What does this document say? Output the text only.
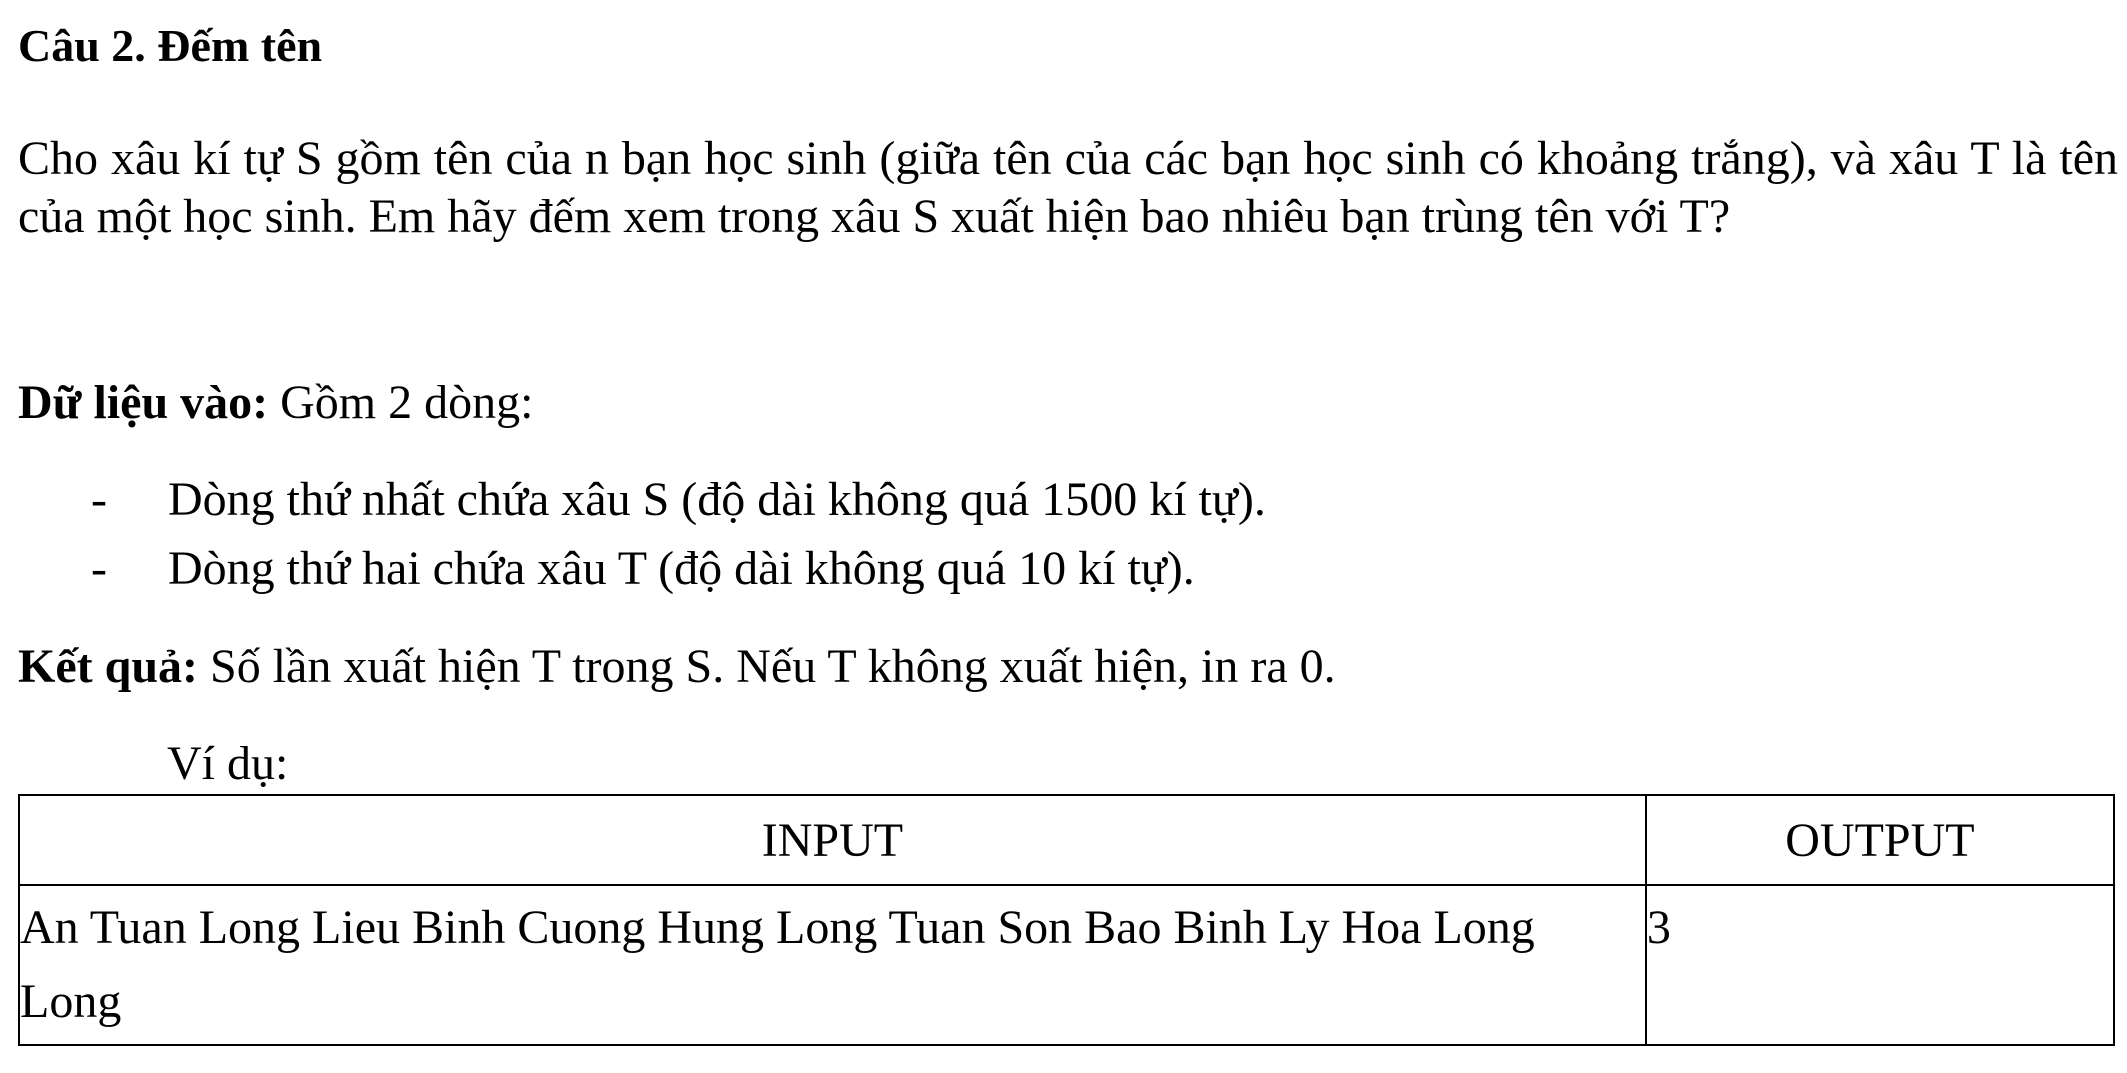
Câu 2. Đếm tên

Cho xâu kí tự S gồm tên của n bạn học sinh (giữa tên của các bạn học sinh có khoảng trắng), và xâu T là tên của một học sinh. Em hãy đếm xem trong xâu S xuất hiện bao nhiêu bạn trùng tên với T?

Dữ liệu vào: Gồm 2 dòng:

- Dòng thứ nhất chứa xâu S (độ dài không quá 1500 kí tự).
- Dòng thứ hai chứa xâu T (độ dài không quá 10 kí tự).

Kết quả: Số lần xuất hiện T trong S. Nếu T không xuất hiện, in ra 0.

Ví dụ:
INPUT	OUTPUT

An Tuan Long Lieu Binh Cuong Hung Long Tuan Son Bao Binh Ly Hoa Long
Long	3
